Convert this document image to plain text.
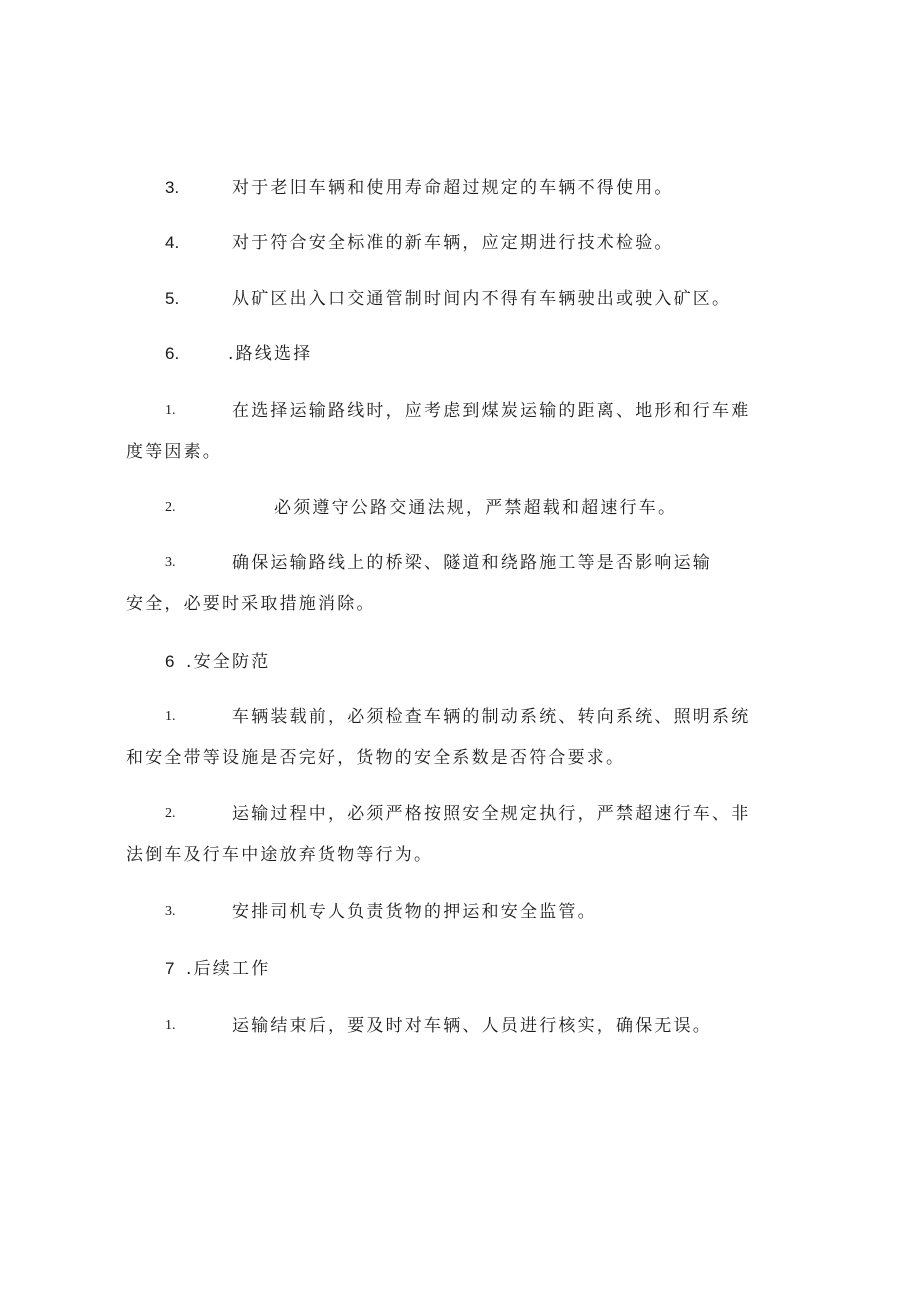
3.	对于老旧车辆和使用寿命超过规定的车辆不得使用。
4.	对于符合安全标准的新车辆，应定期进行技术检验。
5.	从矿区出入口交通管制时间内不得有车辆驶出或驶入矿区。
6.	.路线选择
1.	在选择运输路线时，应考虑到煤炭运输的距离、地形和行车难
度等因素。
2.	必须遵守公路交通法规，严禁超载和超速行车。
3.	确保运输路线上的桥梁、隧道和绕路施工等是否影响运输
安全，必要时采取措施消除。
6 .安全防范
1.	车辆装载前，必须检查车辆的制动系统、转向系统、照明系统
和安全带等设施是否完好，货物的安全系数是否符合要求。
2.	运输过程中，必须严格按照安全规定执行，严禁超速行车、非
法倒车及行车中途放弃货物等行为。
3.	安排司机专人负责货物的押运和安全监管。
7 .后续工作
1.	运输结束后，要及时对车辆、人员进行核实，确保无误。
